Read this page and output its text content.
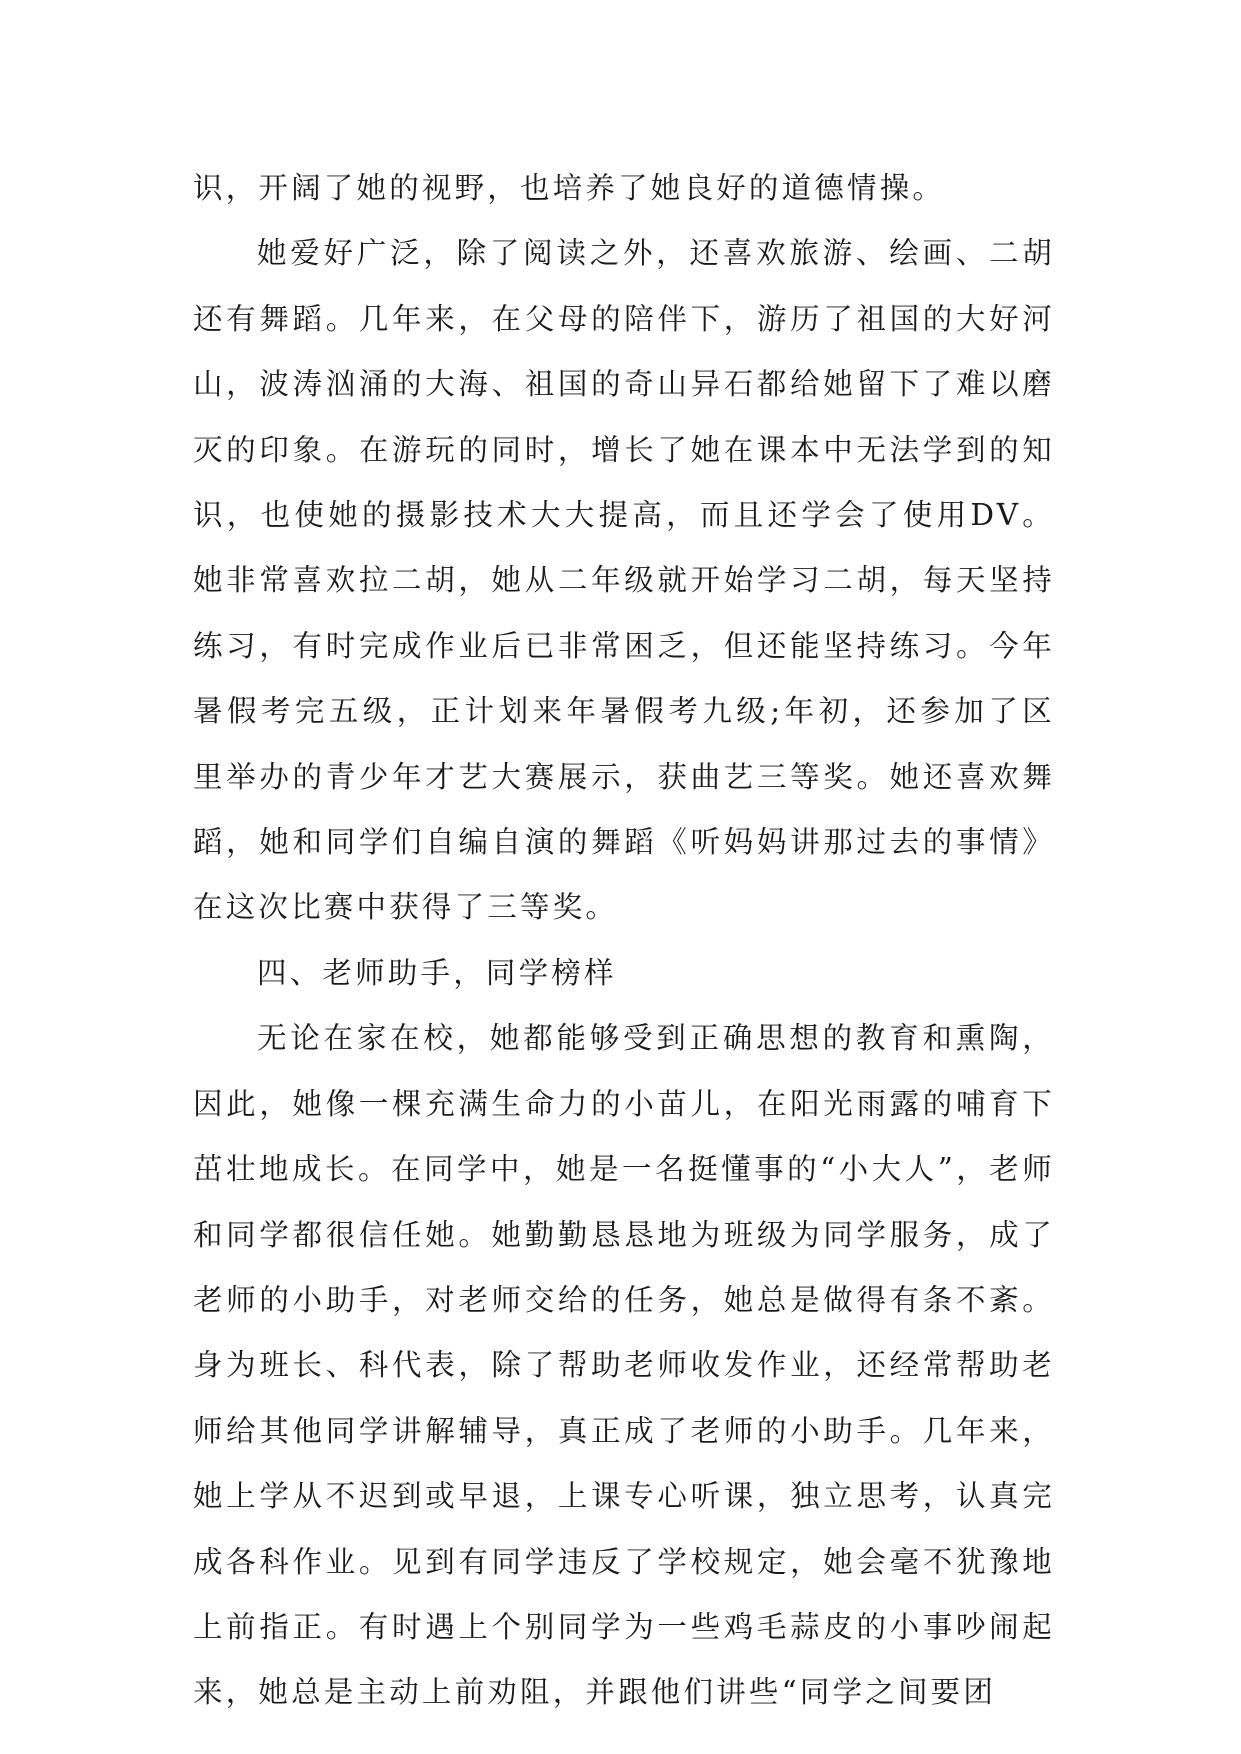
识，开阔了她的视野，也培养了她良好的道德情操。

她爱好广泛，除了阅读之外，还喜欢旅游、绘画、二胡还有舞蹈。几年来，在父母的陪伴下，游历了祖国的大好河山，波涛汹涌的大海、祖国的奇山异石都给她留下了难以磨灭的印象。在游玩的同时，增长了她在课本中无法学到的知识，也使她的摄影技术大大提高，而且还学会了使用DV。她非常喜欢拉二胡，她从二年级就开始学习二胡，每天坚持练习，有时完成作业后已非常困乏，但还能坚持练习。今年暑假考完五级，正计划来年暑假考九级;年初，还参加了区里举办的青少年才艺大赛展示，获曲艺三等奖。她还喜欢舞蹈，她和同学们自编自演的舞蹈《听妈妈讲那过去的事情》在这次比赛中获得了三等奖。

四、老师助手，同学榜样

无论在家在校，她都能够受到正确思想的教育和熏陶，因此，她像一棵充满生命力的小苗儿，在阳光雨露的哺育下茁壮地成长。在同学中，她是一名挺懂事的“小大人”，老师和同学都很信任她。她勤勤恳恳地为班级为同学服务，成了老师的小助手，对老师交给的任务，她总是做得有条不紊。身为班长、科代表，除了帮助老师收发作业，还经常帮助老师给其他同学讲解辅导，真正成了老师的小助手。几年来，她上学从不迟到或早退，上课专心听课，独立思考，认真完成各科作业。见到有同学违反了学校规定，她会毫不犹豫地上前指正。有时遇上个别同学为一些鸡毛蒜皮的小事吵闹起来，她总是主动上前劝阻，并跟他们讲些“同学之间要团
